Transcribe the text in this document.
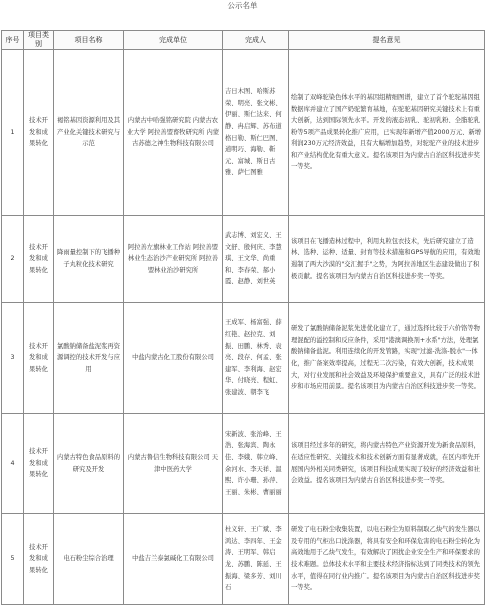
公示名单
序号	项目类别	项目名称	完成单位	完成人	提名意见
1	技术开发和成果转化	褐铭基因资源利用及其产业化关键技术研究与示范	内蒙古中哈强铭研究院 内蒙古农业大学 阿拉善盟畜牧研究所 内蒙古苏德之神生物科技有限公司	吉日木图、哈斯苏荣、明亮、张文彬、伊丽、斯仁达来、何静、冉启辉、苏布道格日勒、斯仁巴图、道明巧、海勒、靳元、富城、斯日古雅、萨仁图雅	绘制了双峰驼染色体水平的基因组精细图谱，建立了首个驼驼基因组数据库并建立了国产奶驼繁育基地，在驼驼基因研究关键技术上有重大创新，达到国际领先水平。开发的液态初乳、驼初乳粉、全脂驼乳粉等5项产品成果转化推广应用，已实现年新增产值2000万元、新增利润230万元经济效益，且有大幅增加趋势，对驼驼产业的技术进步和产业结构优化有重大意义。提名该项目为内蒙古自治区科技进步奖一等奖。
2	技术开发和成果转化	降雨量控制下的飞播种子丸粒化技术研究	阿拉善左旗林业工作站 阿拉善盟林业生态治沙产业研究所 阿拉善盟林业治沙研究所	武志博、刘宏义、王文舒、殷何庆、李慧琪、王文华、尚重和、李春荣、郝小霞、赵静、刘世英	该项目在飞播造林过程中，利用丸粒包衣技术，先后研究建立了造林、选种、运种、适量、封育等技术措施和GPS导航的应用，有效地遏制了两大沙漠的"交汇握手"之势，为阿拉善地区生态建设做出了积极贡献。提名该项目为内蒙古自治区科技进步奖一等奖。
3	技术开发和成果转化	氯酸钠储备盐泥浆再资源调控的技术开发与应用	中盐内蒙古化工股份有限公司	王成军、杨富强、薛红艳、赵拉克、刘振、田鹏、林秀、袁亮、段存、何孟、张建军、李利海、赵宏华、付晓亮、程虹、张建波、朝李飞	研发了氯酸钠储备泥浆先进优化建立了，通过选择比较于六价铬等物理混配的溢控制和反应条件，采用"港澳调换剂+水系"方法，处理氯酸钠储备盐泥。利用连续化的开发管路，实现"过滤-洗涤-脱水"一体化，推广备案效率提高，过程无二次污染，有效大创新，技术成果大，对行业发展和社会效益及环境保护重要意义，具有广泛的技术进步和市场应用前景。提名该项目为内蒙古自治区科技进步奖一等奖。
4	技术开发和成果转化	内蒙古特色食品原料的研究及开发	内蒙古鲁信生物科技有限公司 天津中医药大学	宋新波、张治峰、王浩、张海宾、陶永佳、李娥、韩立峰、余河水、李天祥、温熙、许小珊、孙萍、王丽、朱彬、曹丽丽	该项目经过多年的研究，将内蒙古特色产业资源开发为新食品原料，在适应性研究、关键技术和技术创新方面有显著成就，在区内率先开展国内外相关同类研究，该项目科技成果实现了较好的经济效益和社会效益。提名该项目为内蒙古自治区科技进步奖一等奖。
5	技术开发和成果转化	电石粉尘综合治理	中盐吉兰泰氯碱化工有限公司	杜义轩、王广斌、李鸿达、李四年、王金涛、王明军、韩启龙、苏鹏、陈延、王振海、梁多芳、刘川石	研发了电石粉尘收集装置，以电石粉尘为原料制取乙炔气的发生器以及专用的气柜出口洗涤器，将具有安全和环保危害的电石粉尘转化为高效地用于乙炔气发生，有效解决了困扰企业安全生产和环保要求的技术难题。总体技术水平和主要技术经济指标达到了同类技术的领先水平，值得在同行业内推广。提名该项目为内蒙古自治区科技进步奖一等奖。
